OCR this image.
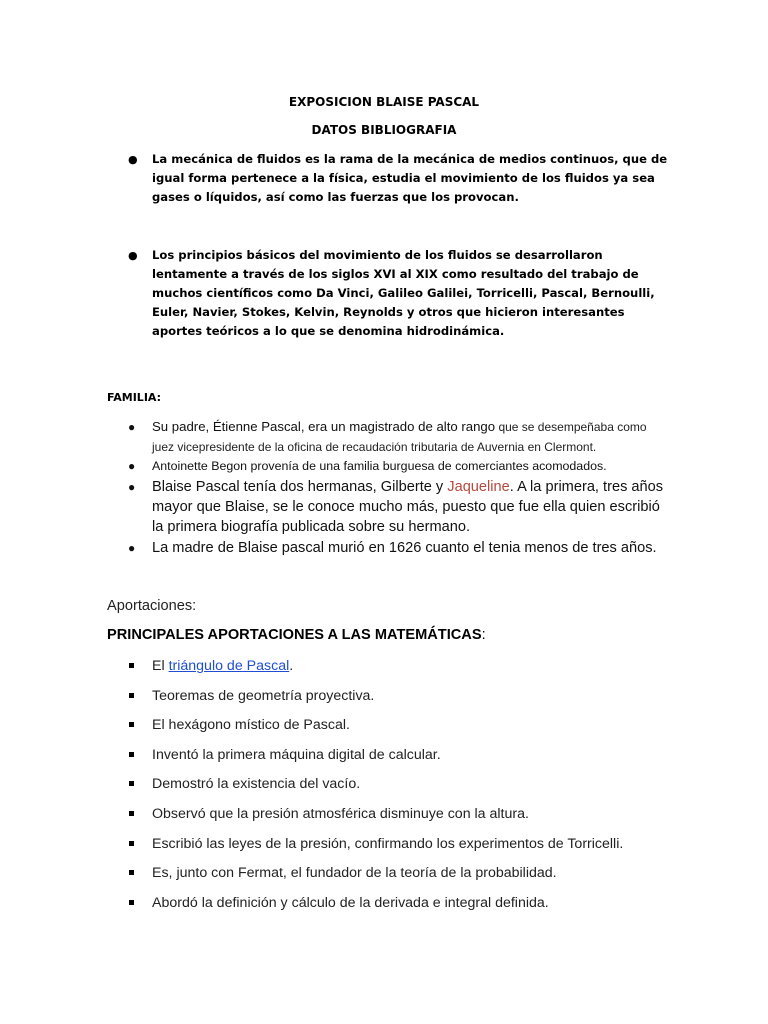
EXPOSICION BLAISE PASCAL
DATOS BIBLIOGRAFIA
● La mecánica de fluidos es la rama de la mecánica de medios continuos, que de igual forma pertenece a la física, estudia el movimiento de los fluidos ya sea gases o líquidos, así como las fuerzas que los provocan.
● Los principios básicos del movimiento de los fluidos se desarrollaron lentamente a través de los siglos XVI al XIX como resultado del trabajo de muchos científicos como Da Vinci, Galileo Galilei, Torricelli, Pascal, Bernoulli, Euler, Navier, Stokes, Kelvin, Reynolds y otros que hicieron interesantes aportes teóricos a lo que se denomina hidrodinámica.
FAMILIA:
● Su padre, Étienne Pascal, era un magistrado de alto rango que se desempeñaba como juez vicepresidente de la oficina de recaudación tributaria de Auvernia en Clermont.
● Antoinette Begon provenía de una familia burguesa de comerciantes acomodados.
● Blaise Pascal tenía dos hermanas, Gilberte y Jaqueline. A la primera, tres años mayor que Blaise, se le conoce mucho más, puesto que fue ella quien escribió la primera biografía publicada sobre su hermano.
● La madre de Blaise pascal murió en 1626 cuanto el tenia menos de tres años.
Aportaciones:
PRINCIPALES APORTACIONES A LAS MATEMÁTICAS:
El triángulo de Pascal.
Teoremas de geometría proyectiva.
El hexágono místico de Pascal.
Inventó la primera máquina digital de calcular.
Demostró la existencia del vacío.
Observó que la presión atmosférica disminuye con la altura.
Escribió las leyes de la presión, confirmando los experimentos de Torricelli.
Es, junto con Fermat, el fundador de la teoría de la probabilidad.
Abordó la definición y cálculo de la derivada e integral definida.
